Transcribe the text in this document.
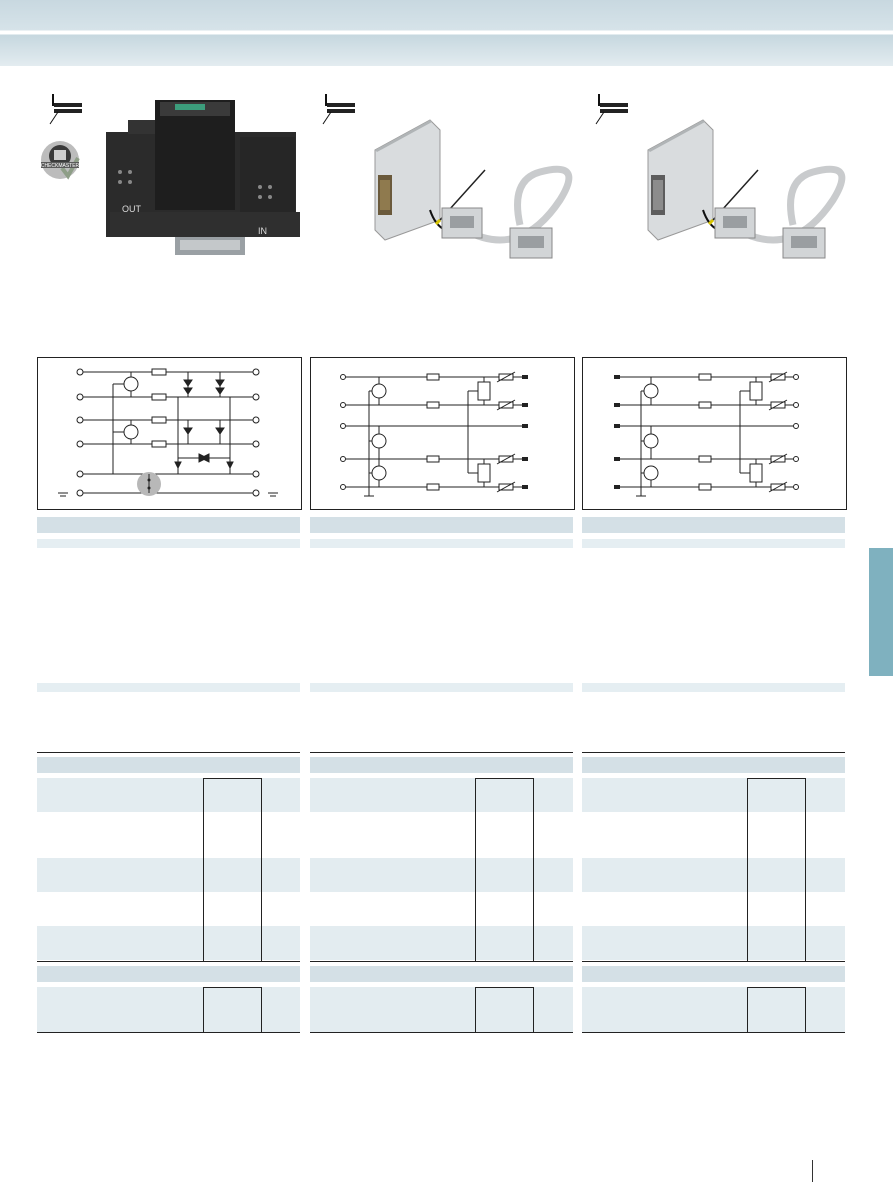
CHECKMASTER
OUT
IN
